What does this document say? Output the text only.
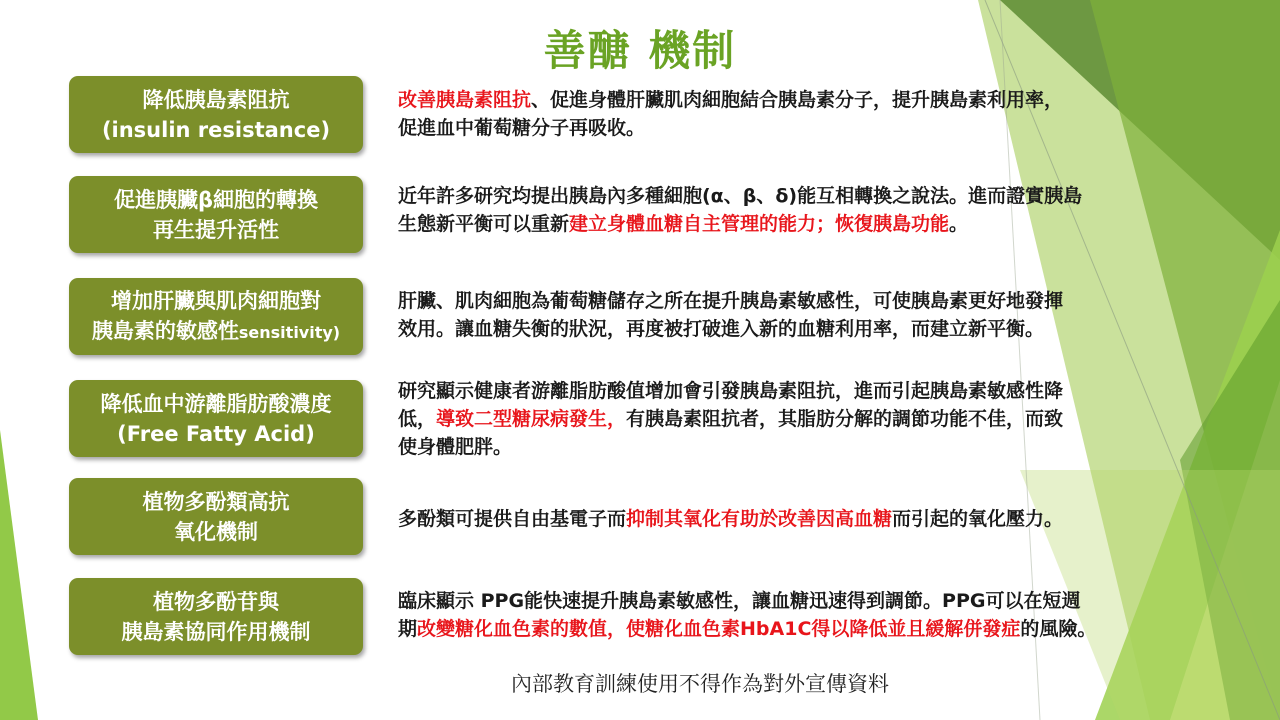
善醣 機制
降低胰島素阻抗
(insulin resistance)
改善胰島素阻抗、促進身體肝臟肌肉細胞結合胰島素分子，提升胰島素利用率，
促進血中葡萄糖分子再吸收。
促進胰臟β細胞的轉換
再生提升活性
近年許多研究均提出胰島內多種細胞(α、β、δ)能互相轉換之說法。進而證實胰島
生態新平衡可以重新建立身體血糖自主管理的能力；恢復胰島功能。
增加肝臟與肌肉細胞對
胰島素的敏感性sensitivity)
肝臟、肌肉細胞為葡萄糖儲存之所在提升胰島素敏感性，可使胰島素更好地發揮
效用。讓血糖失衡的狀況，再度被打破進入新的血糖利用率，而建立新平衡。
降低血中游離脂肪酸濃度
(Free Fatty Acid)
研究顯示健康者游離脂肪酸值增加會引發胰島素阻抗，進而引起胰島素敏感性降
低，導致二型糖尿病發生，有胰島素阻抗者，其脂肪分解的調節功能不佳，而致
使身體肥胖。
植物多酚類高抗
氧化機制
多酚類可提供自由基電子而抑制其氧化有助於改善因高血糖而引起的氧化壓力。
植物多酚苷與
胰島素協同作用機制
臨床顯示 PPG能快速提升胰島素敏感性，讓血糖迅速得到調節。PPG可以在短週
期改變糖化血色素的數值，使糖化血色素HbA1C得以降低並且緩解併發症的風險。
內部教育訓練使用不得作為對外宣傳資料
